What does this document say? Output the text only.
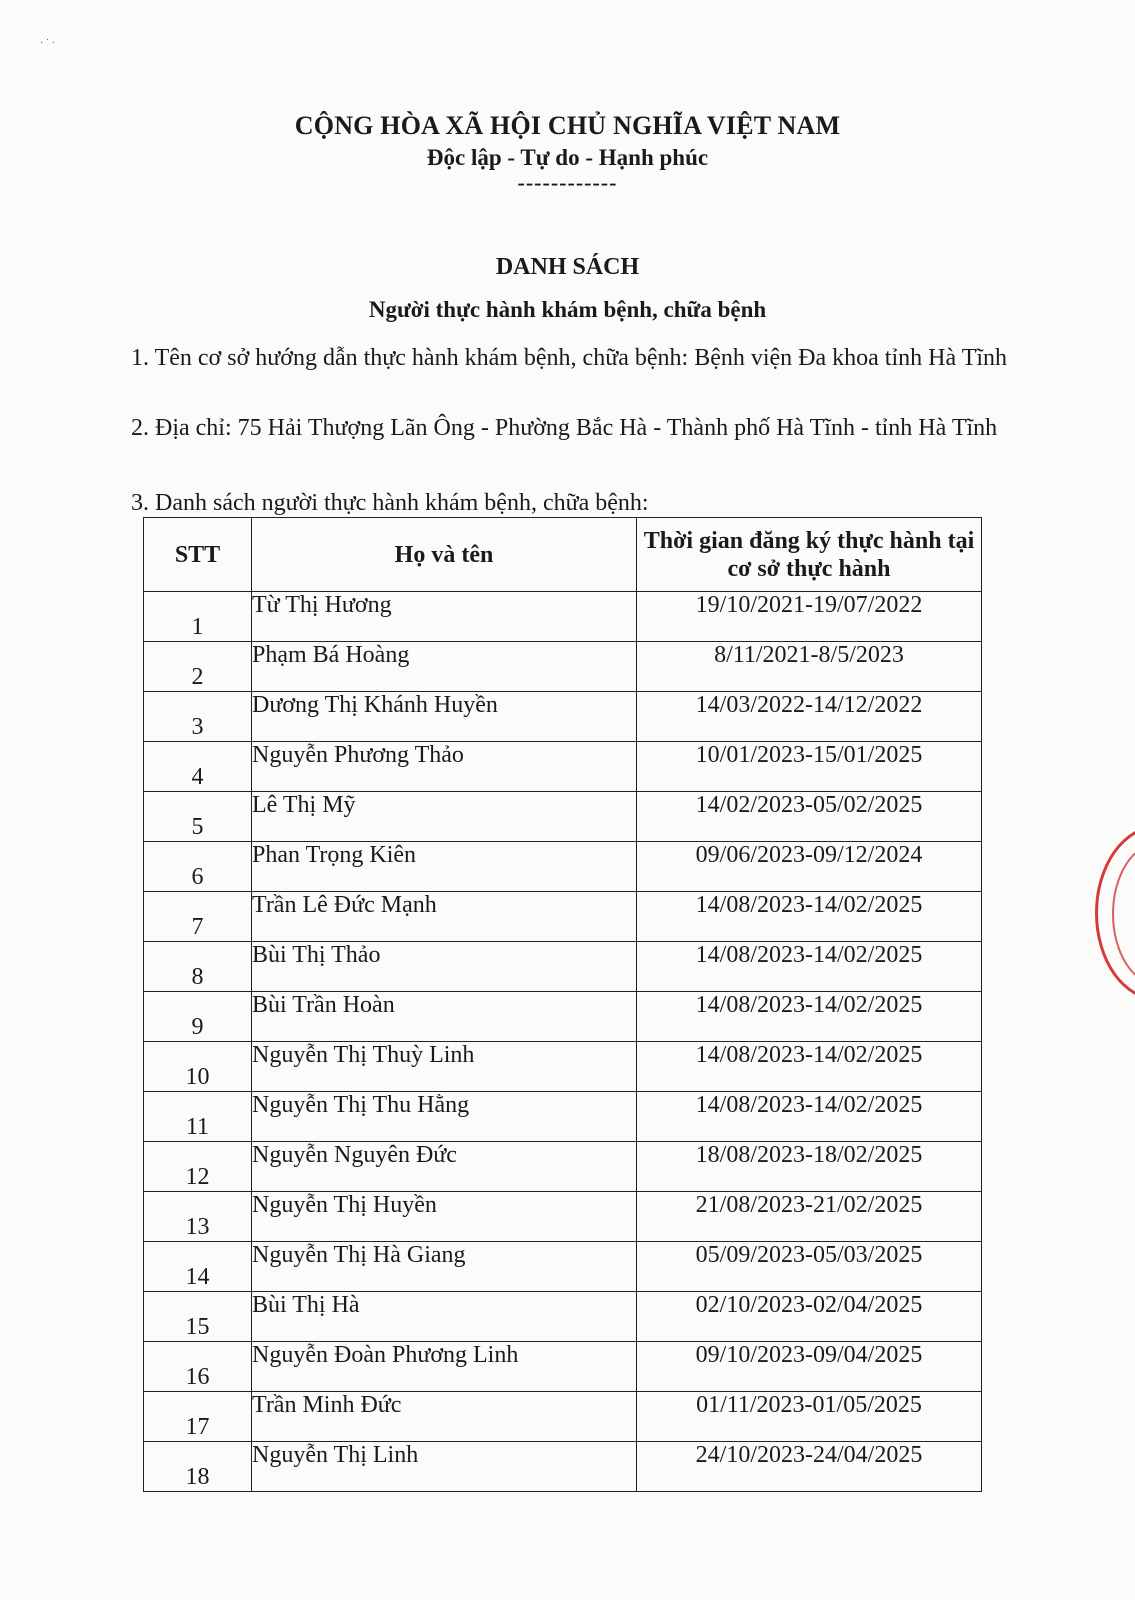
· ˙ ·
CỘNG HÒA XÃ HỘI CHỦ NGHĨA VIỆT NAM
Độc lập - Tự do - Hạnh phúc
------------
DANH SÁCH
Người thực hành khám bệnh, chữa bệnh
1. Tên cơ sở hướng dẫn thực hành khám bệnh, chữa bệnh: Bệnh viện Đa khoa tỉnh Hà Tĩnh
2. Địa chỉ: 75 Hải Thượng Lãn Ông - Phường Bắc Hà - Thành phố Hà Tĩnh - tỉnh Hà Tĩnh
3. Danh sách người thực hành khám bệnh, chữa bệnh:
STT	Họ và tên	Thời gian đăng ký thực hành tại cơ sở thực hành
1	Từ Thị Hương	19/10/2021-19/07/2022
2	Phạm Bá Hoàng	8/11/2021-8/5/2023
3	Dương Thị Khánh Huyền	14/03/2022-14/12/2022
4	Nguyễn Phương Thảo	10/01/2023-15/01/2025
5	Lê Thị Mỹ	14/02/2023-05/02/2025
6	Phan Trọng Kiên	09/06/2023-09/12/2024
7	Trần Lê Đức Mạnh	14/08/2023-14/02/2025
8	Bùi Thị Thảo	14/08/2023-14/02/2025
9	Bùi Trần Hoàn	14/08/2023-14/02/2025
10	Nguyễn Thị Thuỳ Linh	14/08/2023-14/02/2025
11	Nguyễn Thị Thu Hằng	14/08/2023-14/02/2025
12	Nguyễn Nguyên Đức	18/08/2023-18/02/2025
13	Nguyễn Thị Huyền	21/08/2023-21/02/2025
14	Nguyễn Thị Hà Giang	05/09/2023-05/03/2025
15	Bùi Thị Hà	02/10/2023-02/04/2025
16	Nguyễn Đoàn Phương Linh	09/10/2023-09/04/2025
17	Trần Minh Đức	01/11/2023-01/05/2025
18	Nguyễn Thị Linh	24/10/2023-24/04/2025
